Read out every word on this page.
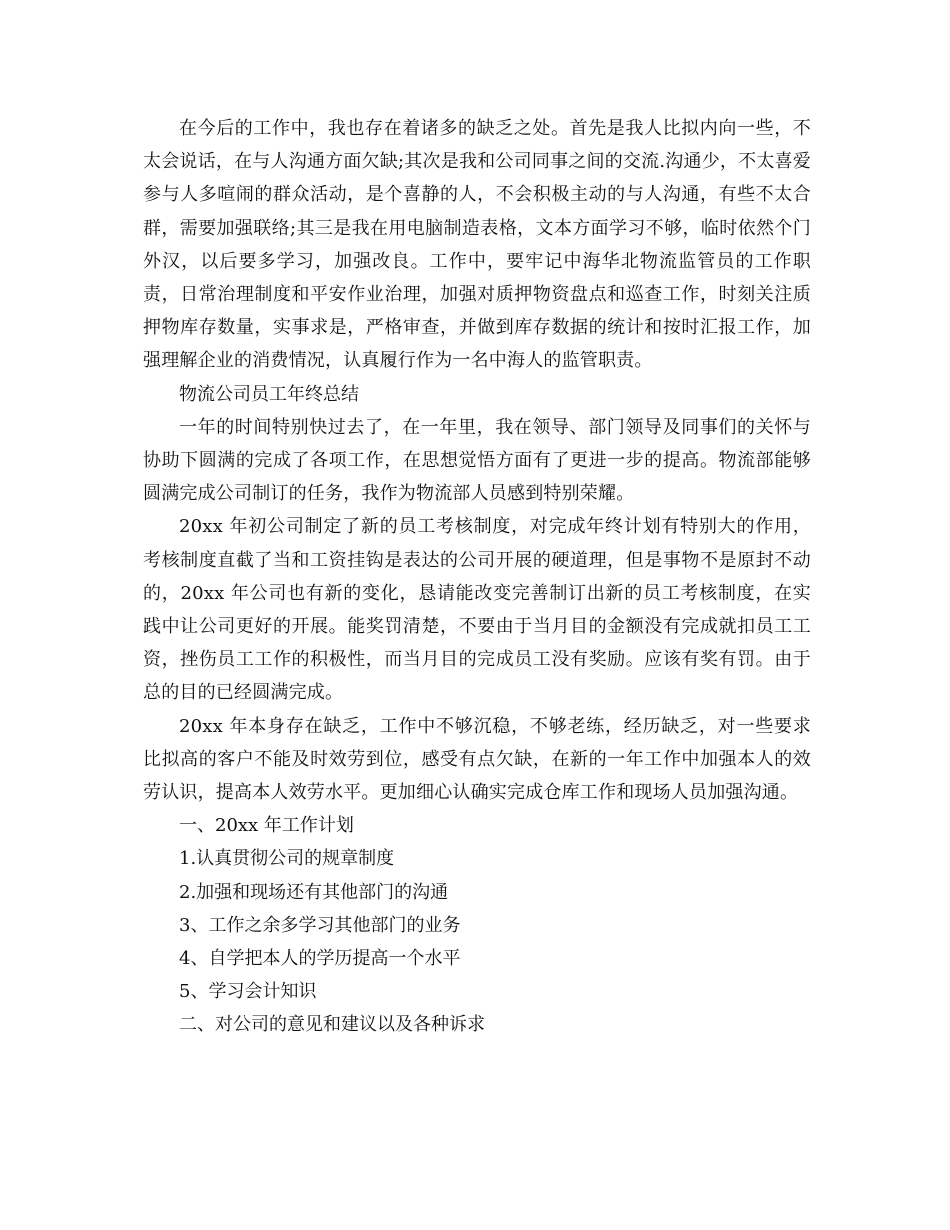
在今后的工作中，我也存在着诸多的缺乏之处。首先是我人比拟内向一些，不太会说话，在与人沟通方面欠缺;其次是我和公司同事之间的交流.沟通少，不太喜爱参与人多喧闹的群众活动，是个喜静的人，不会积极主动的与人沟通，有些不太合群，需要加强联络;其三是我在用电脑制造表格，文本方面学习不够，临时依然个门外汉，以后要多学习，加强改良。工作中，要牢记中海华北物流监管员的工作职责，日常治理制度和平安作业治理，加强对质押物资盘点和巡查工作，时刻关注质押物库存数量，实事求是，严格审查，并做到库存数据的统计和按时汇报工作，加强理解企业的消费情况，认真履行作为一名中海人的监管职责。

物流公司员工年终总结

一年的时间特别快过去了，在一年里，我在领导、部门领导及同事们的关怀与协助下圆满的完成了各项工作，在思想觉悟方面有了更进一步的提高。物流部能够圆满完成公司制订的任务，我作为物流部人员感到特别荣耀。

20xx 年初公司制定了新的员工考核制度，对完成年终计划有特别大的作用，考核制度直截了当和工资挂钩是表达的公司开展的硬道理，但是事物不是原封不动的，20xx 年公司也有新的变化，恳请能改变完善制订出新的员工考核制度，在实践中让公司更好的开展。能奖罚清楚，不要由于当月目的金额没有完成就扣员工工资，挫伤员工工作的积极性，而当月目的完成员工没有奖励。应该有奖有罚。由于总的目的已经圆满完成。

20xx 年本身存在缺乏，工作中不够沉稳，不够老练，经历缺乏，对一些要求比拟高的客户不能及时效劳到位，感受有点欠缺，在新的一年工作中加强本人的效劳认识，提高本人效劳水平。更加细心认确实完成仓库工作和现场人员加强沟通。

一、20xx 年工作计划

1.认真贯彻公司的规章制度

2.加强和现场还有其他部门的沟通

3、工作之余多学习其他部门的业务

4、自学把本人的学历提高一个水平

5、学习会计知识

二、对公司的意见和建议以及各种诉求
